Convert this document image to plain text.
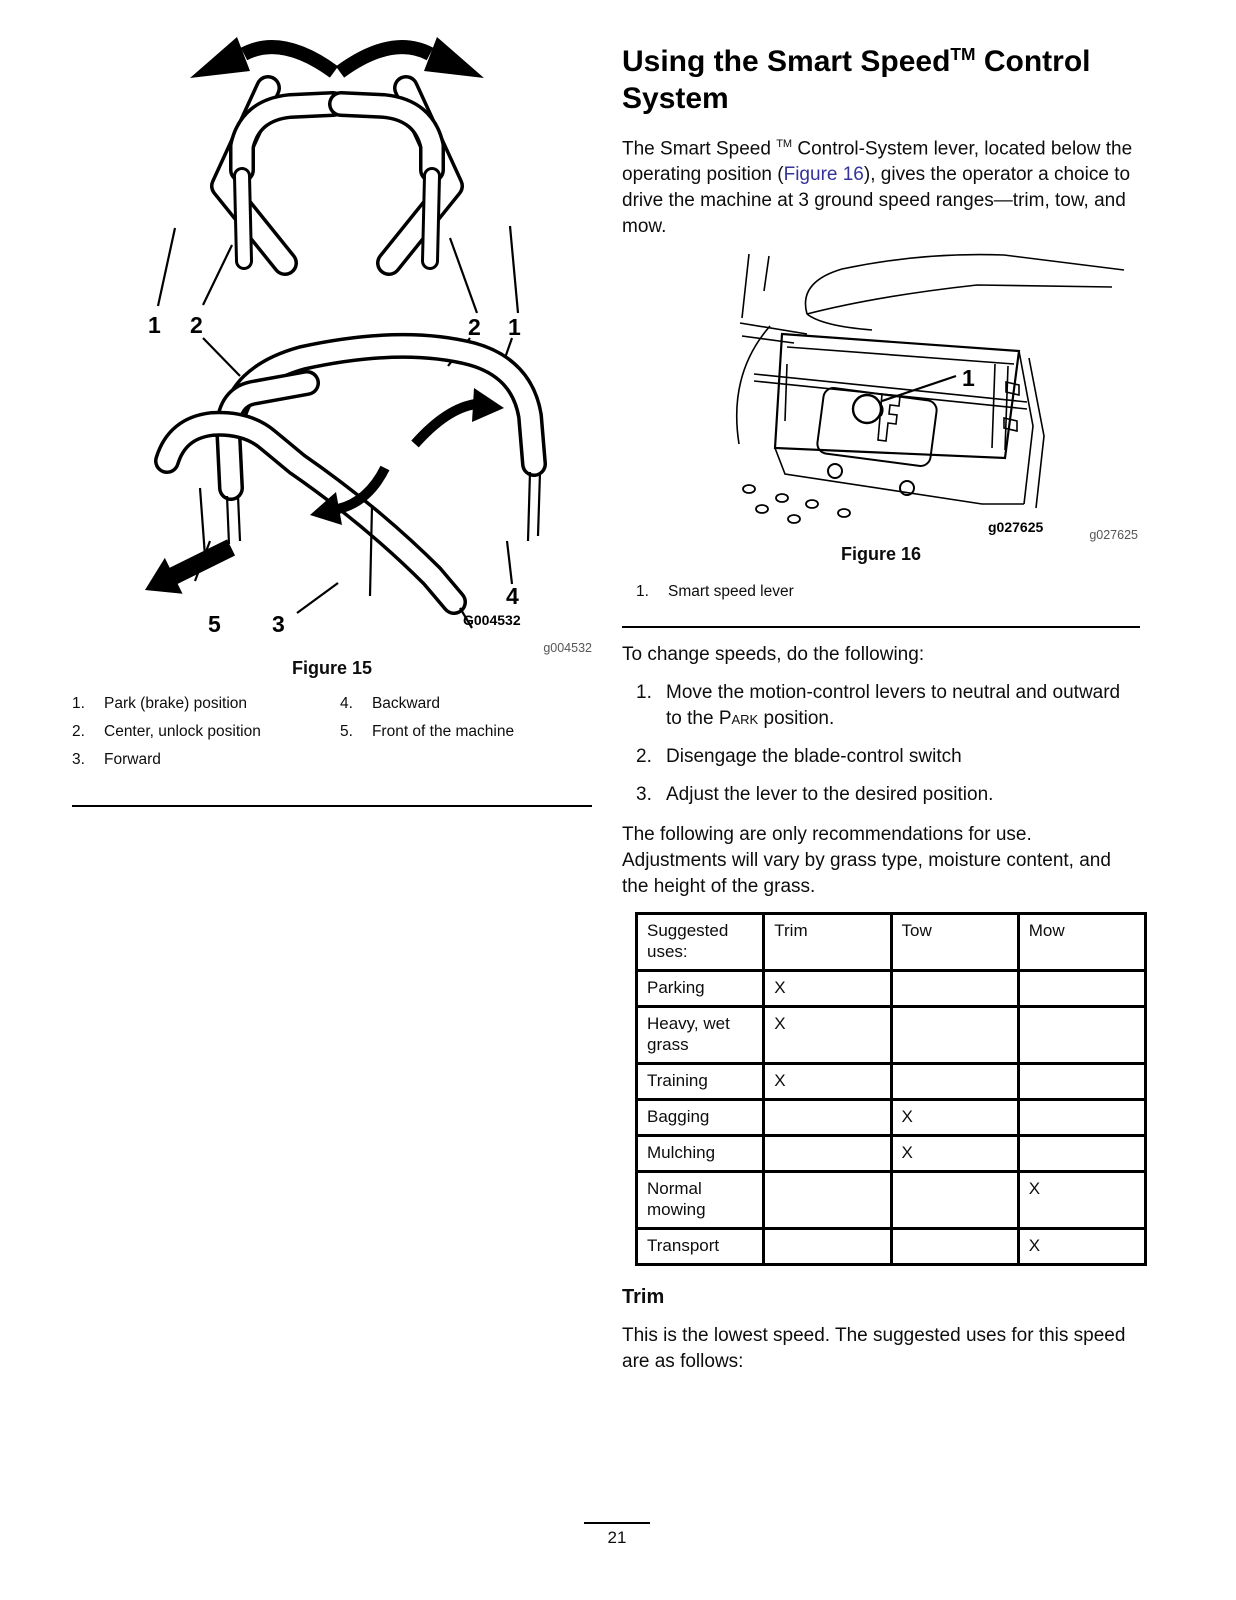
1 2	2 1
5 3
4
G004532
g004532
Figure 15
1.	Park (brake) position
2.	Center, unlock position
3.	Forward
4.	Backward
5.	Front of the machine
Using the Smart Speed™ Control System

The Smart Speed ™ Control-System lever, located below the operating position (Figure 16), gives the operator a choice to drive the machine at 3 ground speed ranges—trim, tow, and mow.

1
g027625	g027625
Figure 16
1.	Smart speed lever

To change speeds, do the following:

1. Move the motion-control levers to neutral and outward to the Park position.
2. Disengage the blade-control switch
3. Adjust the lever to the desired position.

The following are only recommendations for use. Adjustments will vary by grass type, moisture content, and the height of the grass.

Suggested uses:	Trim	Tow	Mow
Parking	X		
Heavy, wet grass	X		
Training	X		
Bagging		X	
Mulching		X	
Normal mowing			X
Transport			X
Trim

This is the lowest speed. The suggested uses for this speed are as follows:

21
